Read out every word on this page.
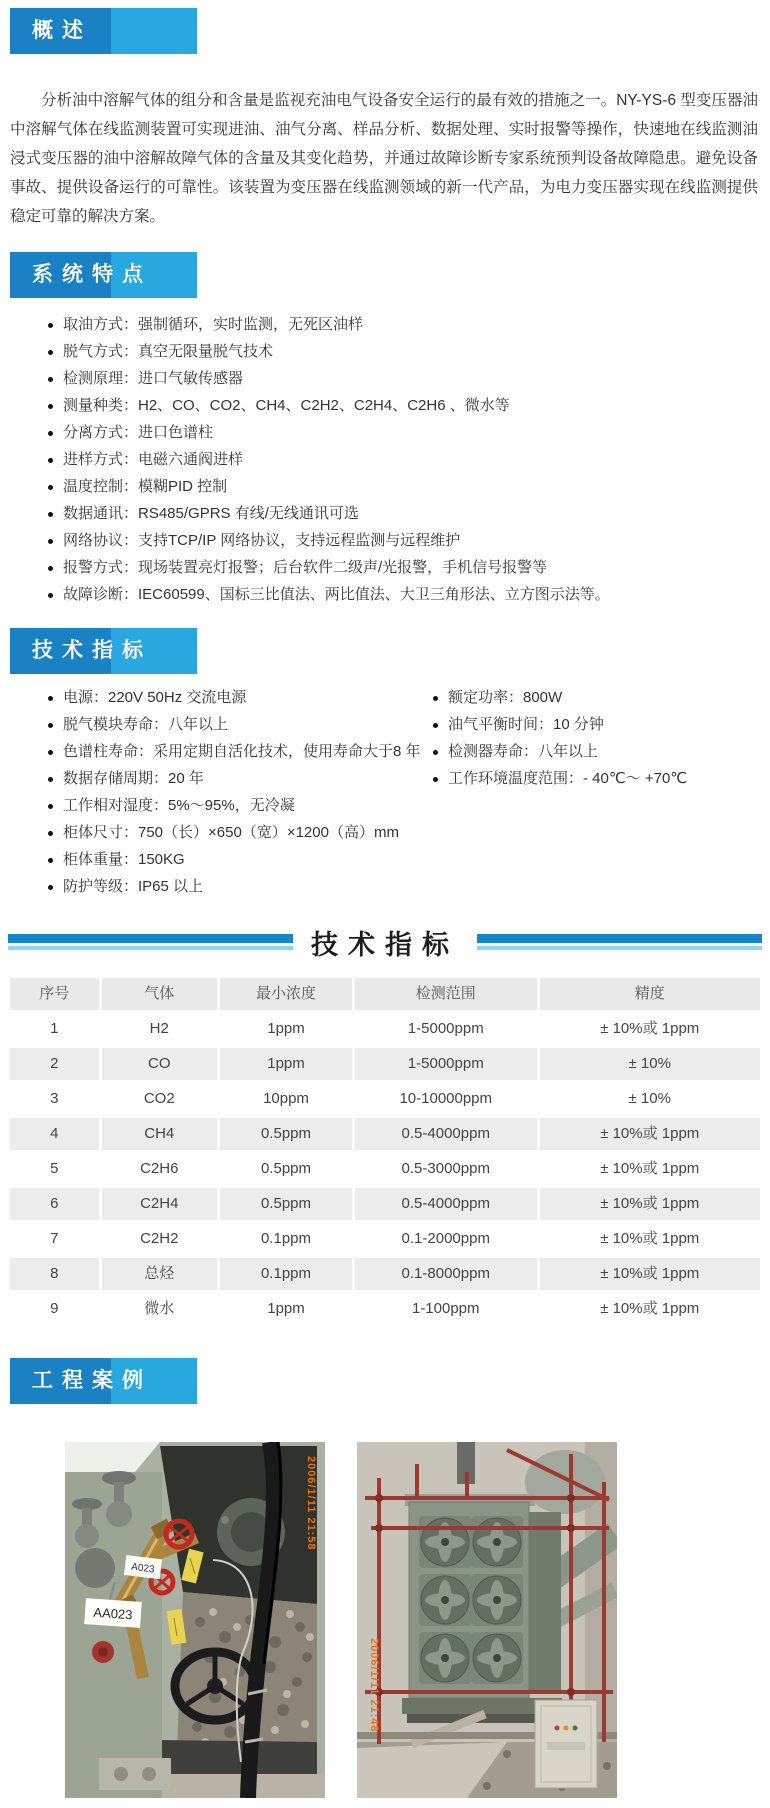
概述

分析油中溶解气体的组分和含量是监视充油电气设备安全运行的最有效的措施之一。NY-YS-6 型变压器油中溶解气体在线监测装置可实现进油、油气分离、样品分析、数据处理、实时报警等操作，快速地在线监测油浸式变压器的油中溶解故障气体的含量及其变化趋势，并通过故障诊断专家系统预判设备故障隐患。避免设备事故、提供设备运行的可靠性。该装置为变压器在线监测领域的新一代产品，为电力变压器实现在线监测提供稳定可靠的解决方案。

系统特点
取油方式：强制循环，实时监测，无死区油样
脱气方式：真空无限量脱气技术
检测原理：进口气敏传感器
测量种类：H2、CO、CO2、CH4、C2H2、C2H4、C2H6 、微水等
分离方式：进口色谱柱
进样方式：电磁六通阀进样
温度控制：模糊PID 控制
数据通讯：RS485/GPRS 有线/无线通讯可选
网络协议：支持TCP/IP 网络协议，支持远程监测与远程维护
报警方式：现场装置亮灯报警；后台软件二级声/光报警，手机信号报警等
故障诊断：IEC60599、国标三比值法、两比值法、大卫三角形法、立方图示法等。
技术指标
电源：220V 50Hz 交流电源
脱气模块寿命：八年以上
色谱柱寿命：采用定期自活化技术，使用寿命大于8 年
数据存储周期：20 年
工作相对湿度：5%～95%，无冷凝
柜体尺寸：750（长）×650（宽）×1200（高）mm
柜体重量：150KG
防护等级：IP65 以上
额定功率：800W
油气平衡时间：10 分钟
检测器寿命：八年以上
工作环境温度范围：- 40℃～ +70℃
技术指标
序号	气体	最小浓度	检测范围	精度
1	H2	1ppm	1-5000ppm	± 10%或 1ppm
2	CO	1ppm	1-5000ppm	± 10%
3	CO2	10ppm	10-10000ppm	± 10%
4	CH4	0.5ppm	0.5-4000ppm	± 10%或 1ppm
5	C2H6	0.5ppm	0.5-3000ppm	± 10%或 1ppm
6	C2H4	0.5ppm	0.5-4000ppm	± 10%或 1ppm
7	C2H2	0.1ppm	0.1-2000ppm	± 10%或 1ppm
8	总烃	0.1ppm	0.1-8000ppm	± 10%或 1ppm
9	微水	1ppm	1-100ppm	± 10%或 1ppm
工程案例
A023
AA023
2006/1/11 21:58
2006/1/11 21:48
